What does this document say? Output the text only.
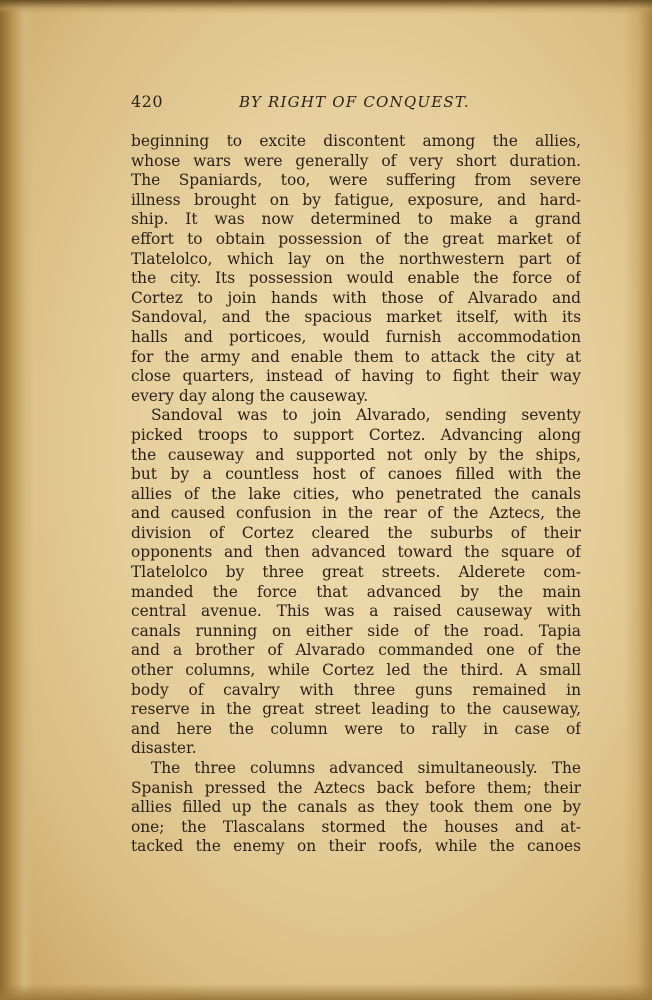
420	BY RIGHT OF CONQUEST.
beginning to excite discontent among the allies,
whose wars were generally of very short duration.
The Spaniards, too, were suffering from severe
illness brought on by fatigue, exposure, and hard-
ship. It was now determined to make a grand
effort to obtain possession of the great market of
Tlatelolco, which lay on the northwestern part of
the city. Its possession would enable the force of
Cortez to join hands with those of Alvarado and
Sandoval, and the spacious market itself, with its
halls and porticoes, would furnish accommodation
for the army and enable them to attack the city at
close quarters, instead of having to fight their way
every day along the causeway.
Sandoval was to join Alvarado, sending seventy
picked troops to support Cortez. Advancing along
the causeway and supported not only by the ships,
but by a countless host of canoes filled with the
allies of the lake cities, who penetrated the canals
and caused confusion in the rear of the Aztecs, the
division of Cortez cleared the suburbs of their
opponents and then advanced toward the square of
Tlatelolco by three great streets. Alderete com-
manded the force that advanced by the main
central avenue. This was a raised causeway with
canals running on either side of the road. Tapia
and a brother of Alvarado commanded one of the
other columns, while Cortez led the third. A small
body of cavalry with three guns remained in
reserve in the great street leading to the causeway,
and here the column were to rally in case of
disaster.
The three columns advanced simultaneously. The
Spanish pressed the Aztecs back before them; their
allies filled up the canals as they took them one by
one; the Tlascalans stormed the houses and at-
tacked the enemy on their roofs, while the canoes
